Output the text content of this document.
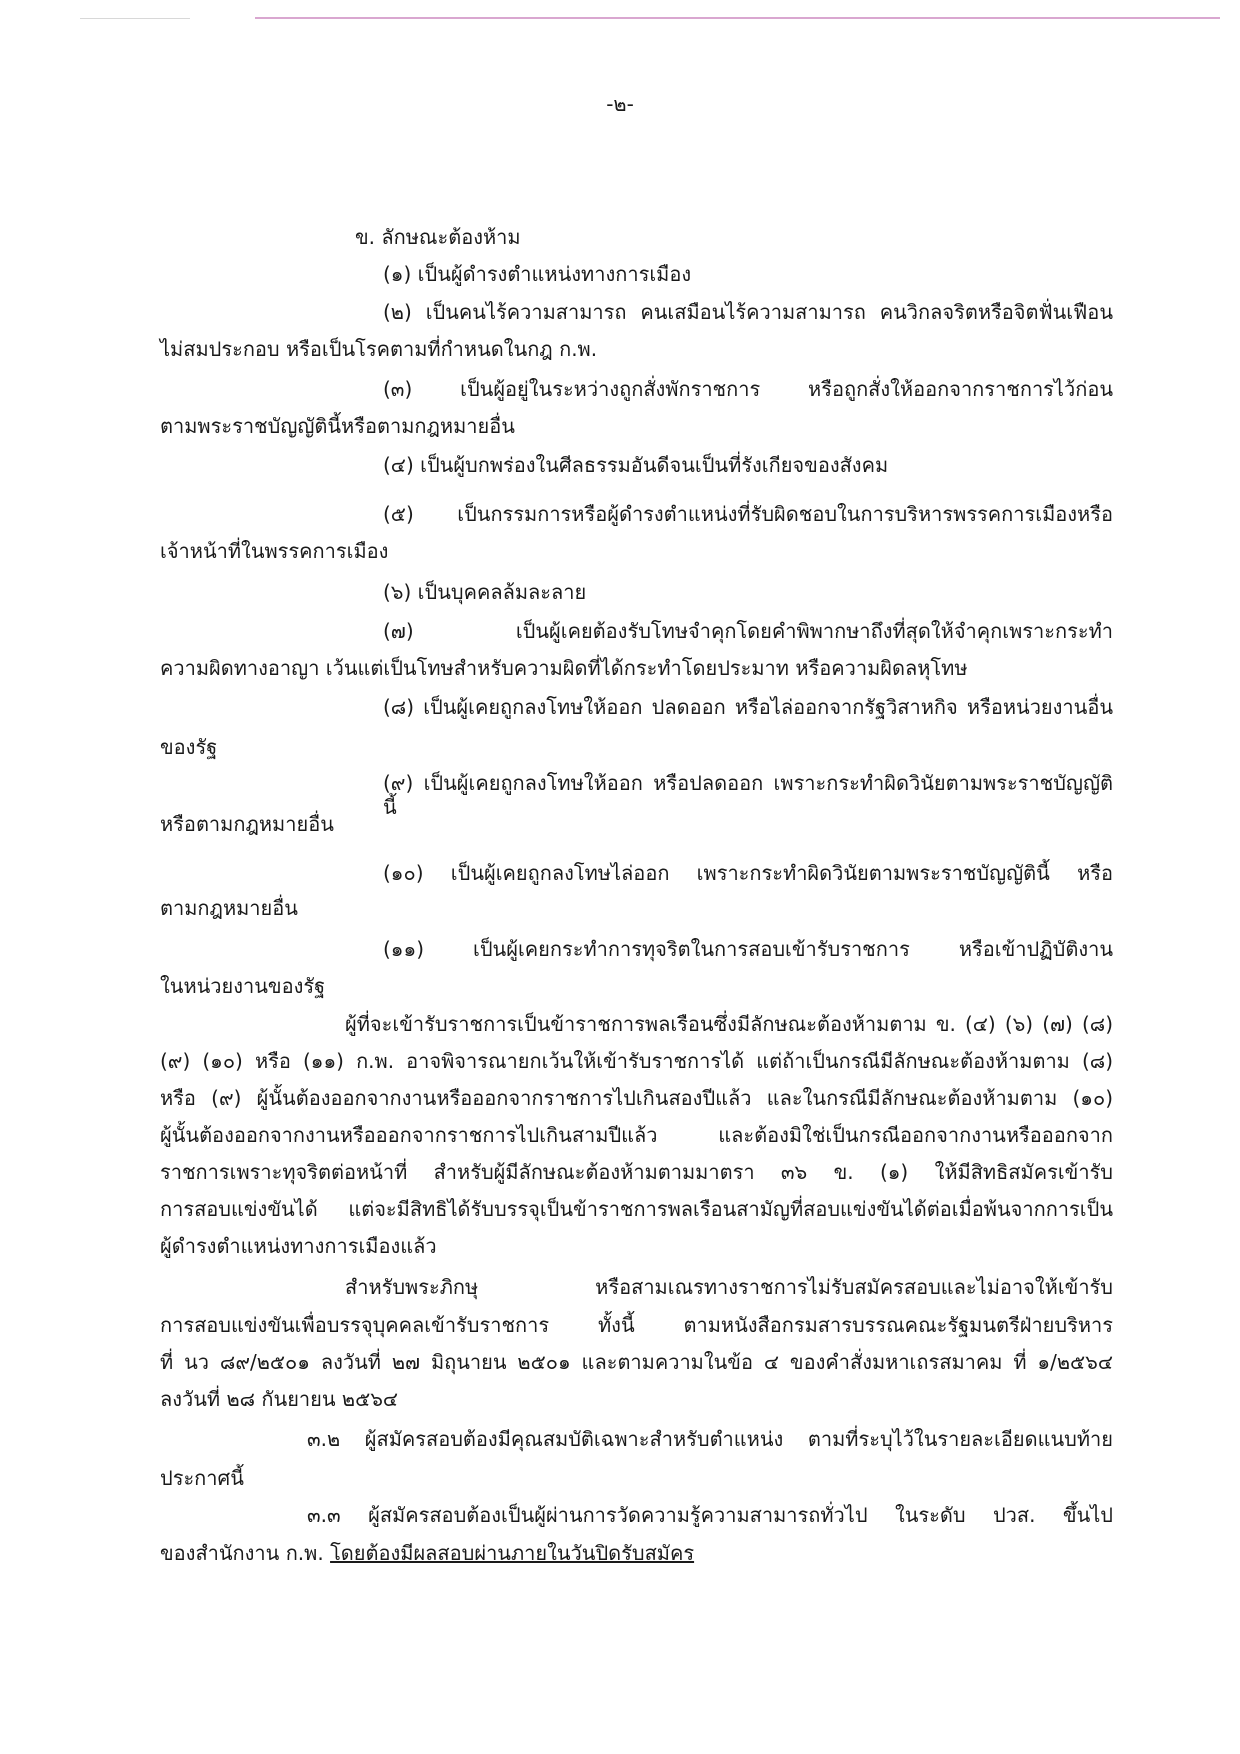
-๒-

ข. ลักษณะต้องห้าม

(๑) เป็นผู้ดำรงตำแหน่งทางการเมือง

(๒) เป็นคนไร้ความสามารถ คนเสมือนไร้ความสามารถ คนวิกลจริตหรือจิตฟั่นเฟือน

ไม่สมประกอบ หรือเป็นโรคตามที่กำหนดในกฎ ก.พ.

(๓) เป็นผู้อยู่ในระหว่างถูกสั่งพักราชการ หรือถูกสั่งให้ออกจากราชการไว้ก่อน

ตามพระราชบัญญัตินี้หรือตามกฎหมายอื่น

(๔) เป็นผู้บกพร่องในศีลธรรมอันดีจนเป็นที่รังเกียจของสังคม

(๕) เป็นกรรมการหรือผู้ดำรงตำแหน่งที่รับผิดชอบในการบริหารพรรคการเมืองหรือ

เจ้าหน้าที่ในพรรคการเมือง

(๖) เป็นบุคคลล้มละลาย

(๗)	เป็นผู้เคยต้องรับโทษจำคุกโดยคำพิพากษาถึงที่สุดให้จำคุกเพราะกระทำ

ความผิดทางอาญา เว้นแต่เป็นโทษสำหรับความผิดที่ได้กระทำโดยประมาท หรือความผิดลหุโทษ

(๘) เป็นผู้เคยถูกลงโทษให้ออก ปลดออก หรือไล่ออกจากรัฐวิสาหกิจ หรือหน่วยงานอื่น

ของรัฐ

(๙) เป็นผู้เคยถูกลงโทษให้ออก หรือปลดออก เพราะกระทำผิดวินัยตามพระราชบัญญัตินี้

หรือตามกฎหมายอื่น

(๑๐) เป็นผู้เคยถูกลงโทษไล่ออก เพราะกระทำผิดวินัยตามพระราชบัญญัตินี้ หรือ

ตามกฎหมายอื่น

(๑๑) เป็นผู้เคยกระทำการทุจริตในการสอบเข้ารับราชการ หรือเข้าปฏิบัติงาน

ในหน่วยงานของรัฐ

ผู้ที่จะเข้ารับราชการเป็นข้าราชการพลเรือนซึ่งมีลักษณะต้องห้ามตาม ข. (๔) (๖) (๗) (๘)

(๙) (๑๐) หรือ (๑๑) ก.พ. อาจพิจารณายกเว้นให้เข้ารับราชการได้ แต่ถ้าเป็นกรณีมีลักษณะต้องห้ามตาม (๘)

หรือ (๙) ผู้นั้นต้องออกจากงานหรือออกจากราชการไปเกินสองปีแล้ว และในกรณีมีลักษณะต้องห้ามตาม (๑๐)

ผู้นั้นต้องออกจากงานหรือออกจากราชการไปเกินสามปีแล้ว และต้องมิใช่เป็นกรณีออกจากงานหรือออกจาก

ราชการเพราะทุจริตต่อหน้าที่ สำหรับผู้มีลักษณะต้องห้ามตามมาตรา ๓๖ ข. (๑) ให้มีสิทธิสมัครเข้ารับ

การสอบแข่งขันได้ แต่จะมีสิทธิได้รับบรรจุเป็นข้าราชการพลเรือนสามัญที่สอบแข่งขันได้ต่อเมื่อพ้นจากการเป็น

ผู้ดำรงตำแหน่งทางการเมืองแล้ว

สำหรับพระภิกษุ หรือสามเณรทางราชการไม่รับสมัครสอบและไม่อาจให้เข้ารับ

การสอบแข่งขันเพื่อบรรจุบุคคลเข้ารับราชการ ทั้งนี้ ตามหนังสือกรมสารบรรณคณะรัฐมนตรีฝ่ายบริหาร

ที่ นว ๘๙/๒๕๐๑ ลงวันที่ ๒๗ มิถุนายน ๒๕๐๑ และตามความในข้อ ๔ ของคำสั่งมหาเถรสมาคม ที่ ๑/๒๕๖๔

ลงวันที่ ๒๘ กันยายน ๒๕๖๔

๓.๒ ผู้สมัครสอบต้องมีคุณสมบัติเฉพาะสำหรับตำแหน่ง ตามที่ระบุไว้ในรายละเอียดแนบท้าย

ประกาศนี้

๓.๓ ผู้สมัครสอบต้องเป็นผู้ผ่านการวัดความรู้ความสามารถทั่วไป ในระดับ ปวส. ขึ้นไป

ของสำนักงาน ก.พ. โดยต้องมีผลสอบผ่านภายในวันปิดรับสมัคร
